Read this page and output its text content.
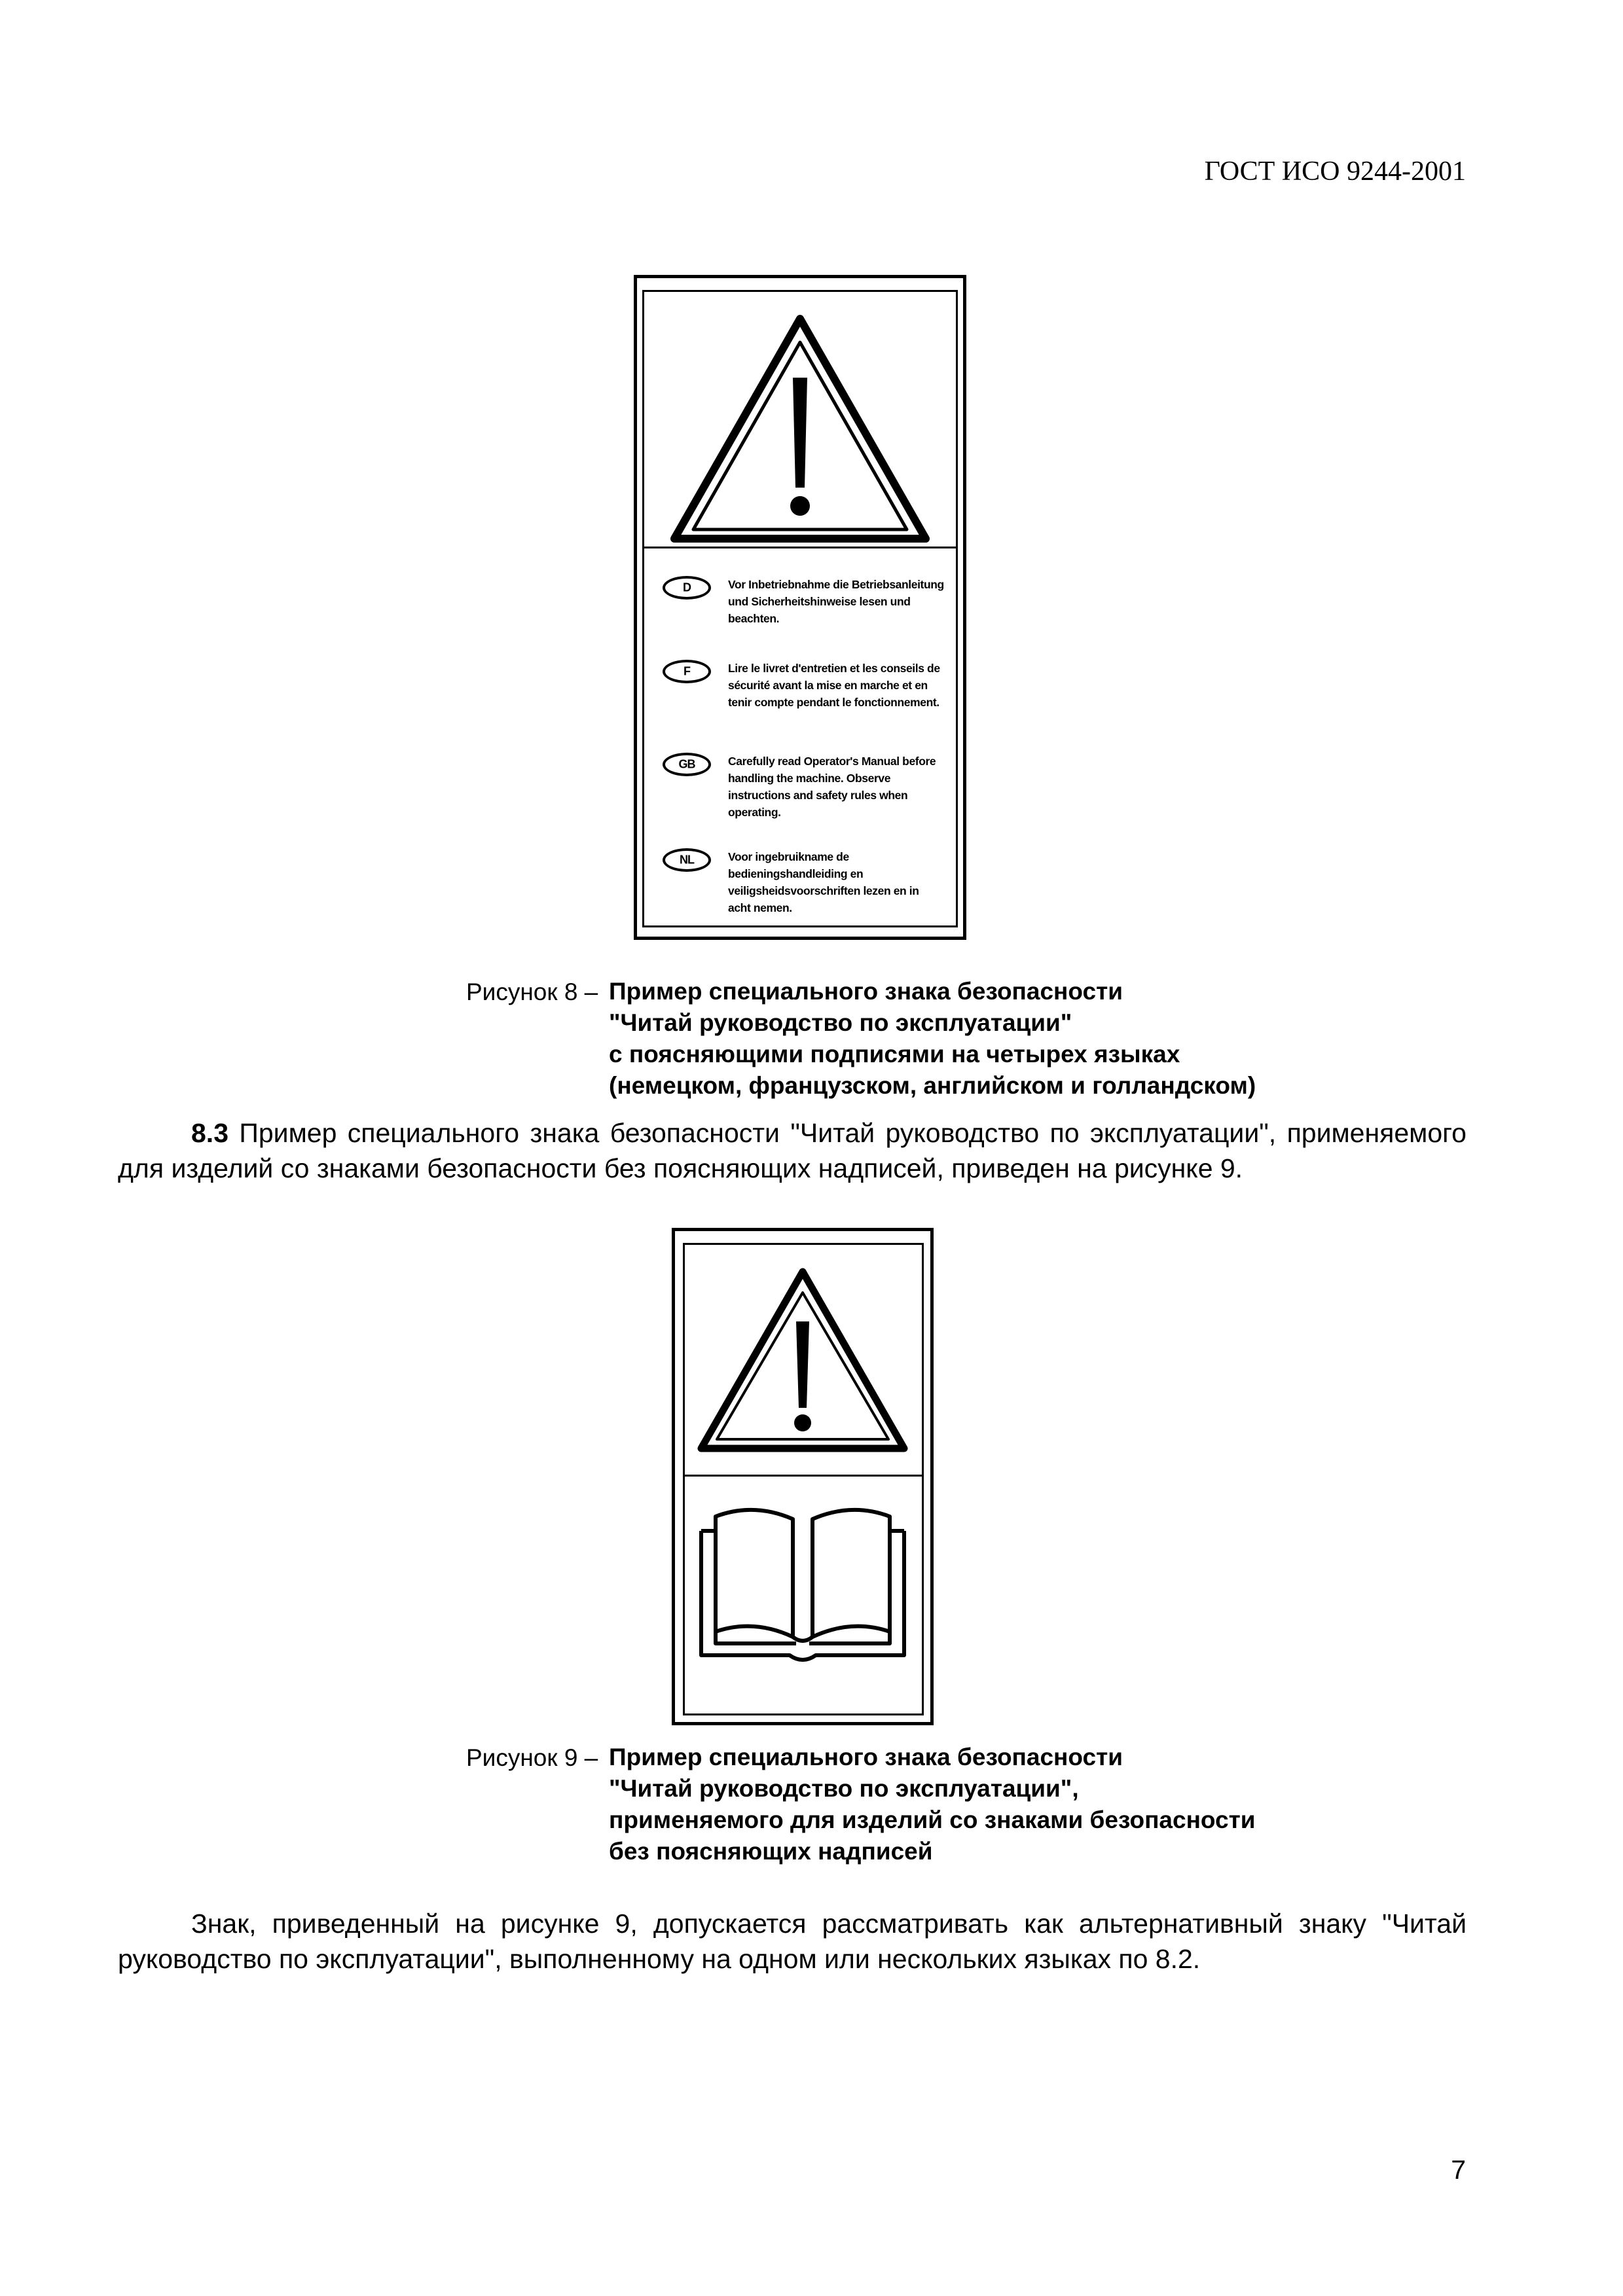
ГОСТ ИСО 9244-2001
D	Vor Inbetriebnahme die Betriebsanleitung und Sicherheitshinweise lesen und beachten.
F	Lire le livret d'entretien et les conseils de sécurité avant la mise en marche et en tenir compte pendant le fonctionnement.
GB	Carefully read Operator's Manual before handling the machine. Observe instructions and safety rules when operating.
NL	Voor ingebruikname de bedieningshandleiding en veiligsheidsvoorschriften lezen en in acht nemen.
Рисунок 8 – Пример специального знака безопасности
"Читай руководство по эксплуатации"
с поясняющими подписями на четырех языках
(немецком, французском, английском и голландском)

8.3 Пример специального знака безопасности "Читай руководство по эксплуатации", применяемого для изделий со знаками безопасности без поясняющих надписей, приведен на рисунке 9.

Рисунок 9 – Пример специального знака безопасности
"Читай руководство по эксплуатации",
применяемого для изделий со знаками безопасности
без поясняющих надписей

Знак, приведенный на рисунке 9, допускается рассматривать как альтернативный знаку "Читай руководство по эксплуатации", выполненному на одном или нескольких языках по 8.2.

7
